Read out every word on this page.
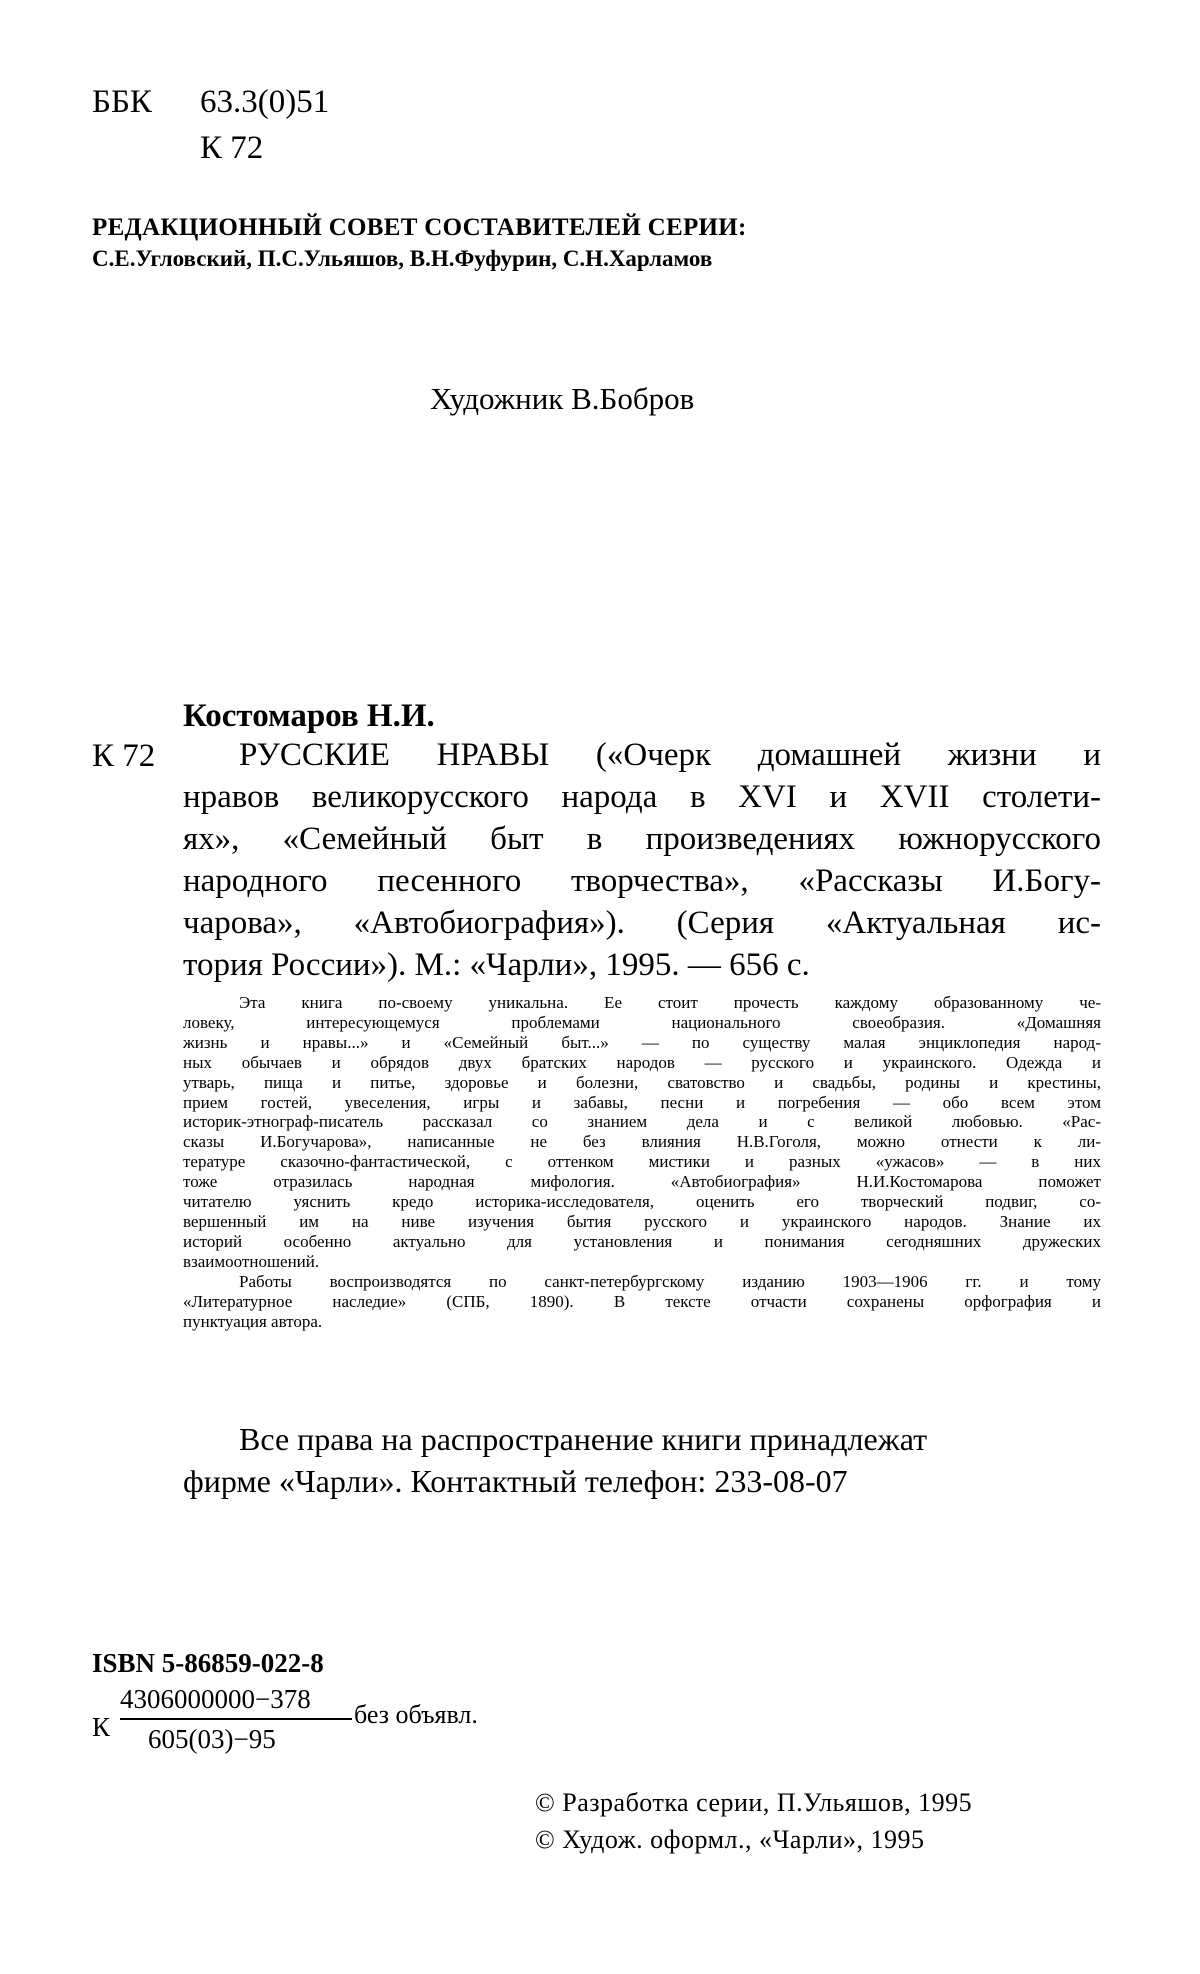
ББК 63.3(0)51
К 72
РЕДАКЦИОННЫЙ СОВЕТ СОСТАВИТЕЛЕЙ СЕРИИ:
С.Е.Угловский, П.С.Ульяшов, В.Н.Фуфурин, С.Н.Харламов
Художник В.Бобров
Костомаров Н.И.
К 72	РУССКИЕ НРАВЫ («Очерк домашней жизни и
нравов великорусского народа в XVI и XVII столети-
ях», «Семейный быт в произведениях южнорусского
народного песенного творчества», «Рассказы И.Богу-
чарова», «Автобиография»). (Серия «Актуальная ис-
тория России»). М.: «Чарли», 1995. — 656 с.
Эта книга по-своему уникальна. Ее стоит прочесть каждому образованному че-
ловеку, интересующемуся проблемами национального своеобразия. «Домашняя
жизнь и нравы...» и «Семейный быт...» — по существу малая энциклопедия народ-
ных обычаев и обрядов двух братских народов — русского и украинского. Одежда и
утварь, пища и питье, здоровье и болезни, сватовство и свадьбы, родины и крестины,
прием гостей, увеселения, игры и забавы, песни и погребения — обо всем этом
историк-этнограф-писатель рассказал со знанием дела и с великой любовью. «Рас-
сказы И.Богучарова», написанные не без влияния Н.В.Гоголя, можно отнести к ли-
тературе сказочно-фантастической, с оттенком мистики и разных «ужасов» — в них
тоже отразилась народная мифология. «Автобиография» Н.И.Костомарова поможет
читателю уяснить кредо историка-исследователя, оценить его творческий подвиг, со-
вершенный им на ниве изучения бытия русского и украинского народов. Знание их
историй особенно актуально для установления и понимания сегодняшних дружеских
взаимоотношений.
Работы воспроизводятся по санкт-петербургскому изданию 1903—1906 гг. и тому
«Литературное наследие» (СПБ, 1890). В тексте отчасти сохранены орфография и
пунктуация автора.
Все права на распространение книги принадлежат
фирме «Чарли». Контактный телефон: 233-08-07
ISBN 5-86859-022-8
К
4306000000−378
605(03)−95
без объявл.
© Разработка серии, П.Ульяшов, 1995
© Худож. оформл., «Чарли», 1995
